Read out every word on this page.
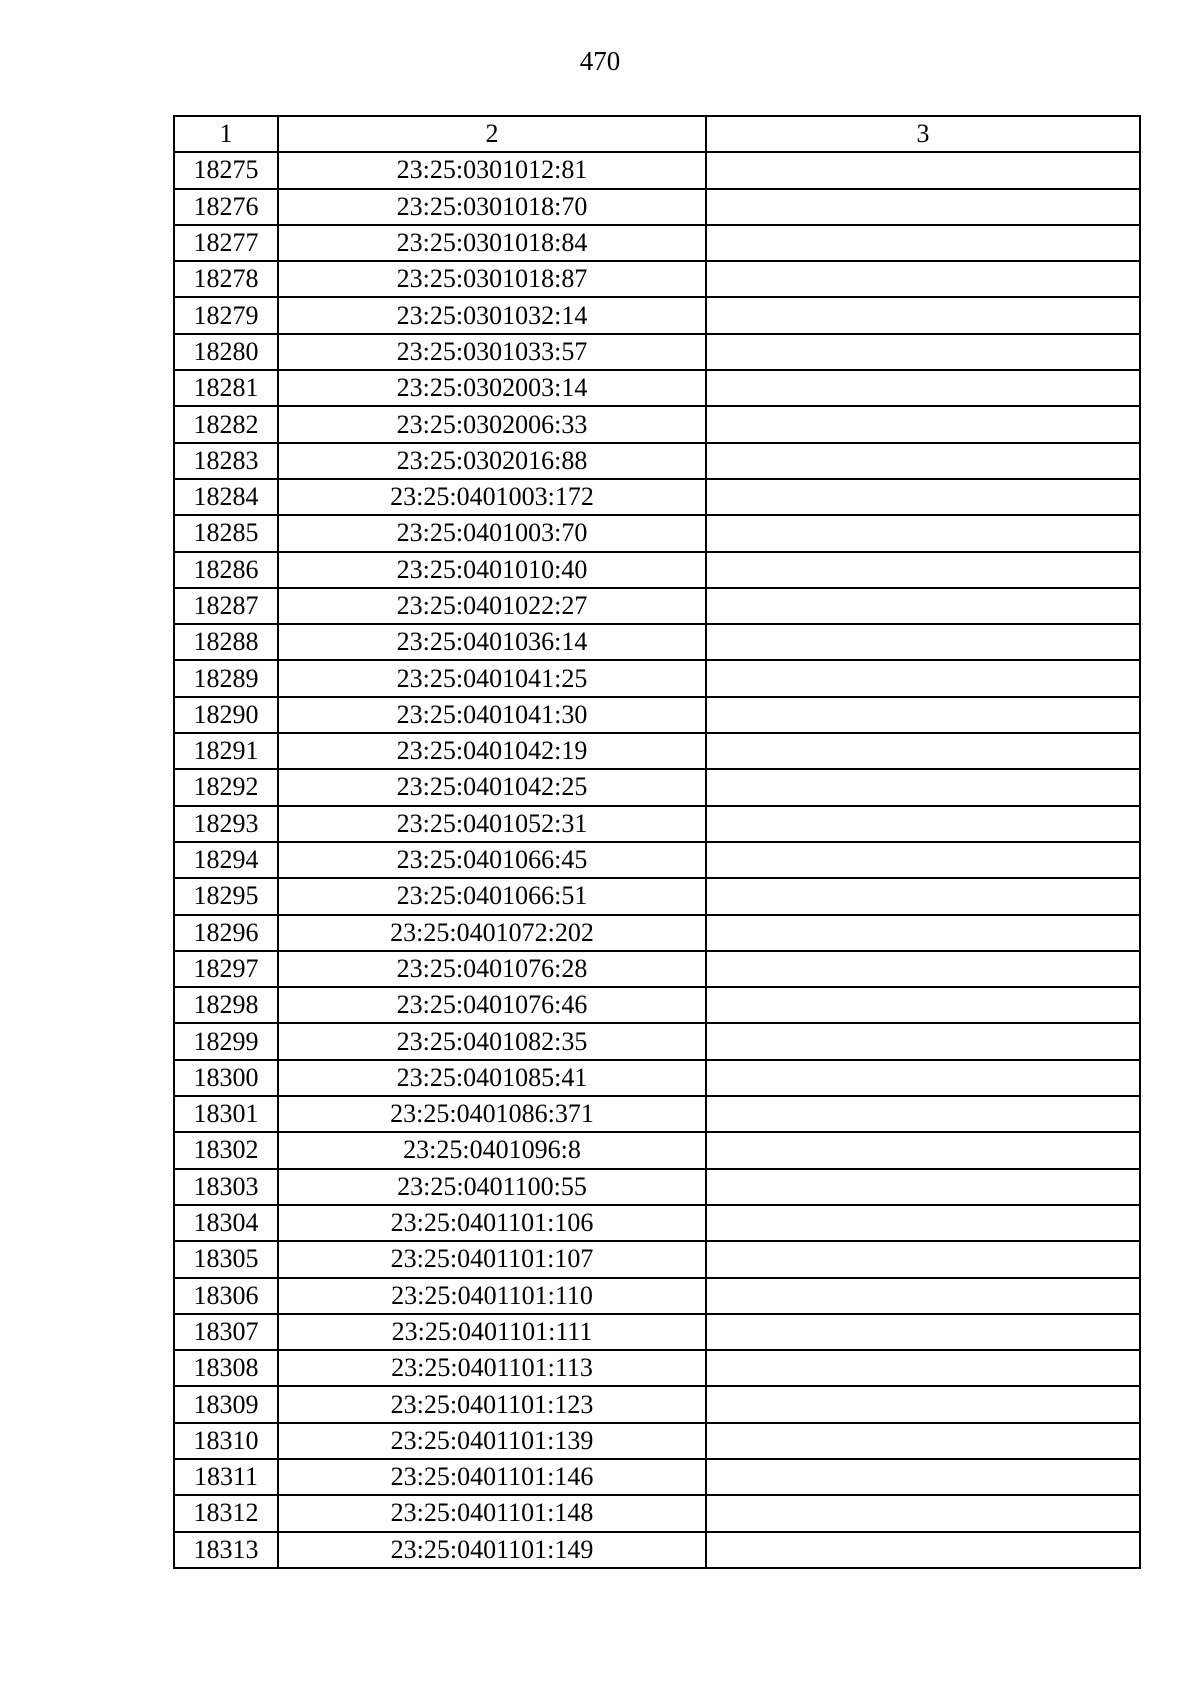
470
1	2	3
18275	23:25:0301012:81	
18276	23:25:0301018:70	
18277	23:25:0301018:84	
18278	23:25:0301018:87	
18279	23:25:0301032:14	
18280	23:25:0301033:57	
18281	23:25:0302003:14	
18282	23:25:0302006:33	
18283	23:25:0302016:88	
18284	23:25:0401003:172	
18285	23:25:0401003:70	
18286	23:25:0401010:40	
18287	23:25:0401022:27	
18288	23:25:0401036:14	
18289	23:25:0401041:25	
18290	23:25:0401041:30	
18291	23:25:0401042:19	
18292	23:25:0401042:25	
18293	23:25:0401052:31	
18294	23:25:0401066:45	
18295	23:25:0401066:51	
18296	23:25:0401072:202	
18297	23:25:0401076:28	
18298	23:25:0401076:46	
18299	23:25:0401082:35	
18300	23:25:0401085:41	
18301	23:25:0401086:371	
18302	23:25:0401096:8	
18303	23:25:0401100:55	
18304	23:25:0401101:106	
18305	23:25:0401101:107	
18306	23:25:0401101:110	
18307	23:25:0401101:111	
18308	23:25:0401101:113	
18309	23:25:0401101:123	
18310	23:25:0401101:139	
18311	23:25:0401101:146	
18312	23:25:0401101:148	
18313	23:25:0401101:149	
